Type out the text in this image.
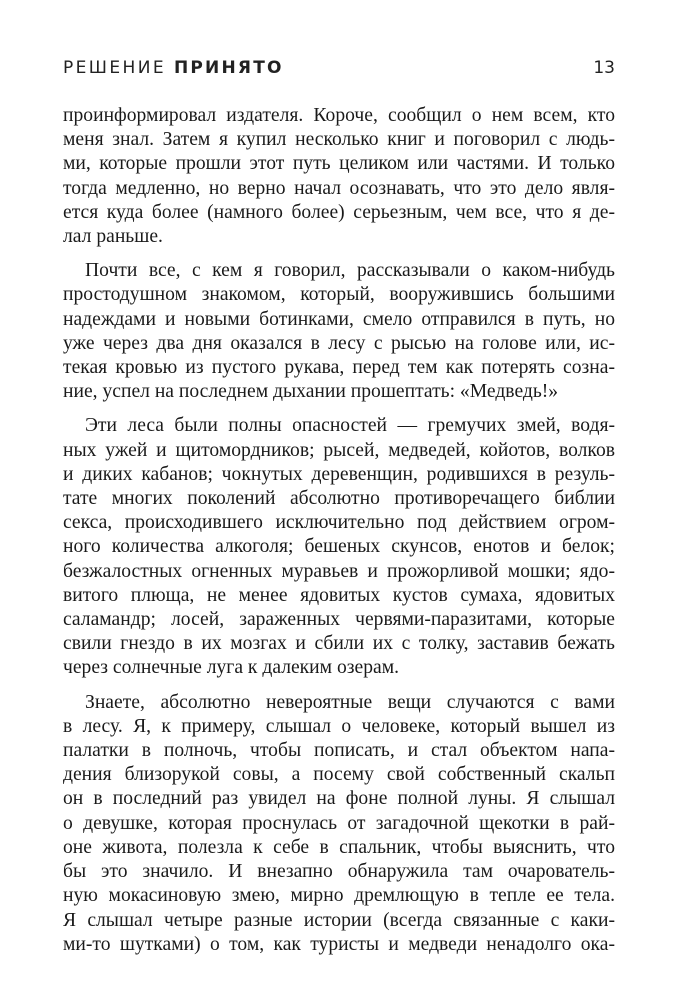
РЕШЕНИЕ ПРИНЯТО	13

проинформировал издателя. Короче, сообщил о нем всем, кто
меня знал. Затем я купил несколько книг и поговорил с людь-
ми, которые прошли этот путь целиком или частями. И только
тогда медленно, но верно начал осознавать, что это дело явля-
ется куда более (намного более) серьезным, чем все, что я де-
лал раньше.

Почти все, с кем я говорил, рассказывали о каком-нибудь
простодушном знакомом, который, вооружившись большими
надеждами и новыми ботинками, смело отправился в путь, но
уже через два дня оказался в лесу с рысью на голове или, ис-
текая кровью из пустого рукава, перед тем как потерять созна-
ние, успел на последнем дыхании прошептать: «Медведь!»

Эти леса были полны опасностей — гремучих змей, водя-
ных ужей и щитомордников; рысей, медведей, койотов, волков
и диких кабанов; чокнутых деревенщин, родившихся в резуль-
тате многих поколений абсолютно противоречащего библии
секса, происходившего исключительно под действием огром-
ного количества алкоголя; бешеных скунсов, енотов и белок;
безжалостных огненных муравьев и прожорливой мошки; ядо-
витого плюща, не менее ядовитых кустов сумаха, ядовитых
саламандр; лосей, зараженных червями-паразитами, которые
свили гнездо в их мозгах и сбили их с толку, заставив бежать
через солнечные луга к далеким озерам.

Знаете, абсолютно невероятные вещи случаются с вами
в лесу. Я, к примеру, слышал о человеке, который вышел из
палатки в полночь, чтобы пописать, и стал объектом напа-
дения близорукой совы, а посему свой собственный скальп
он в последний раз увидел на фоне полной луны. Я слышал
о девушке, которая проснулась от загадочной щекотки в рай-
оне живота, полезла к себе в спальник, чтобы выяснить, что
бы это значило. И внезапно обнаружила там очарователь-
ную мокасиновую змею, мирно дремлющую в тепле ее тела.
Я слышал четыре разные истории (всегда связанные с каки-
ми-то шутками) о том, как туристы и медведи ненадолго ока-
